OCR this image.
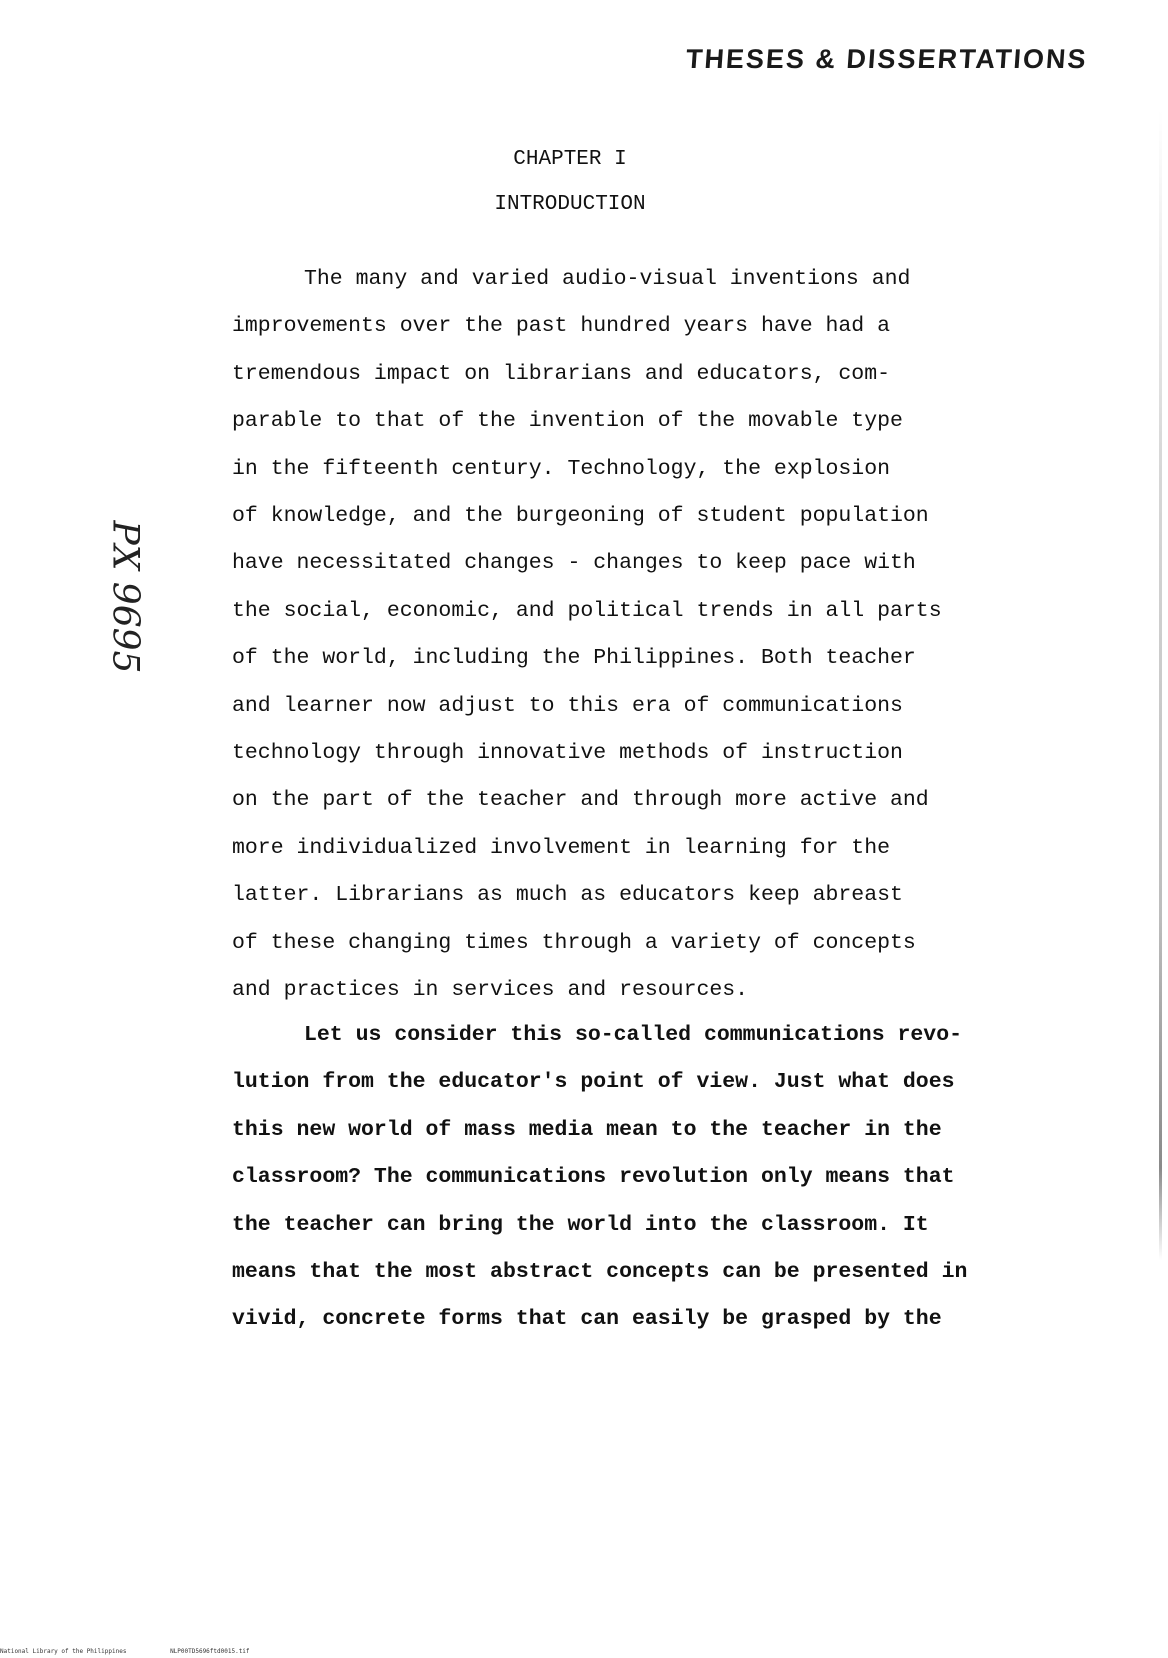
THESES & DISSERTATIONS
PX 9695
CHAPTER I
INTRODUCTION
The many and varied audio-visual inventions and
improvements over the past hundred years have had a
tremendous impact on librarians and educators, com-
parable to that of the invention of the movable type
in the fifteenth century. Technology, the explosion
of knowledge, and the burgeoning of student population
have necessitated changes - changes to keep pace with
the social, economic, and political trends in all parts
of the world, including the Philippines. Both teacher
and learner now adjust to this era of communications
technology through innovative methods of instruction
on the part of the teacher and through more active and
more individualized involvement in learning for the
latter. Librarians as much as educators keep abreast
of these changing times through a variety of concepts
and practices in services and resources.
Let us consider this so-called communications revo-
lution from the educator's point of view. Just what does
this new world of mass media mean to the teacher in the
classroom? The communications revolution only means that
the teacher can bring the world into the classroom. It
means that the most abstract concepts can be presented in
vivid, concrete forms that can easily be grasped by the
National Library of the Philippines	NLP00TD5696ftd0015.tif
